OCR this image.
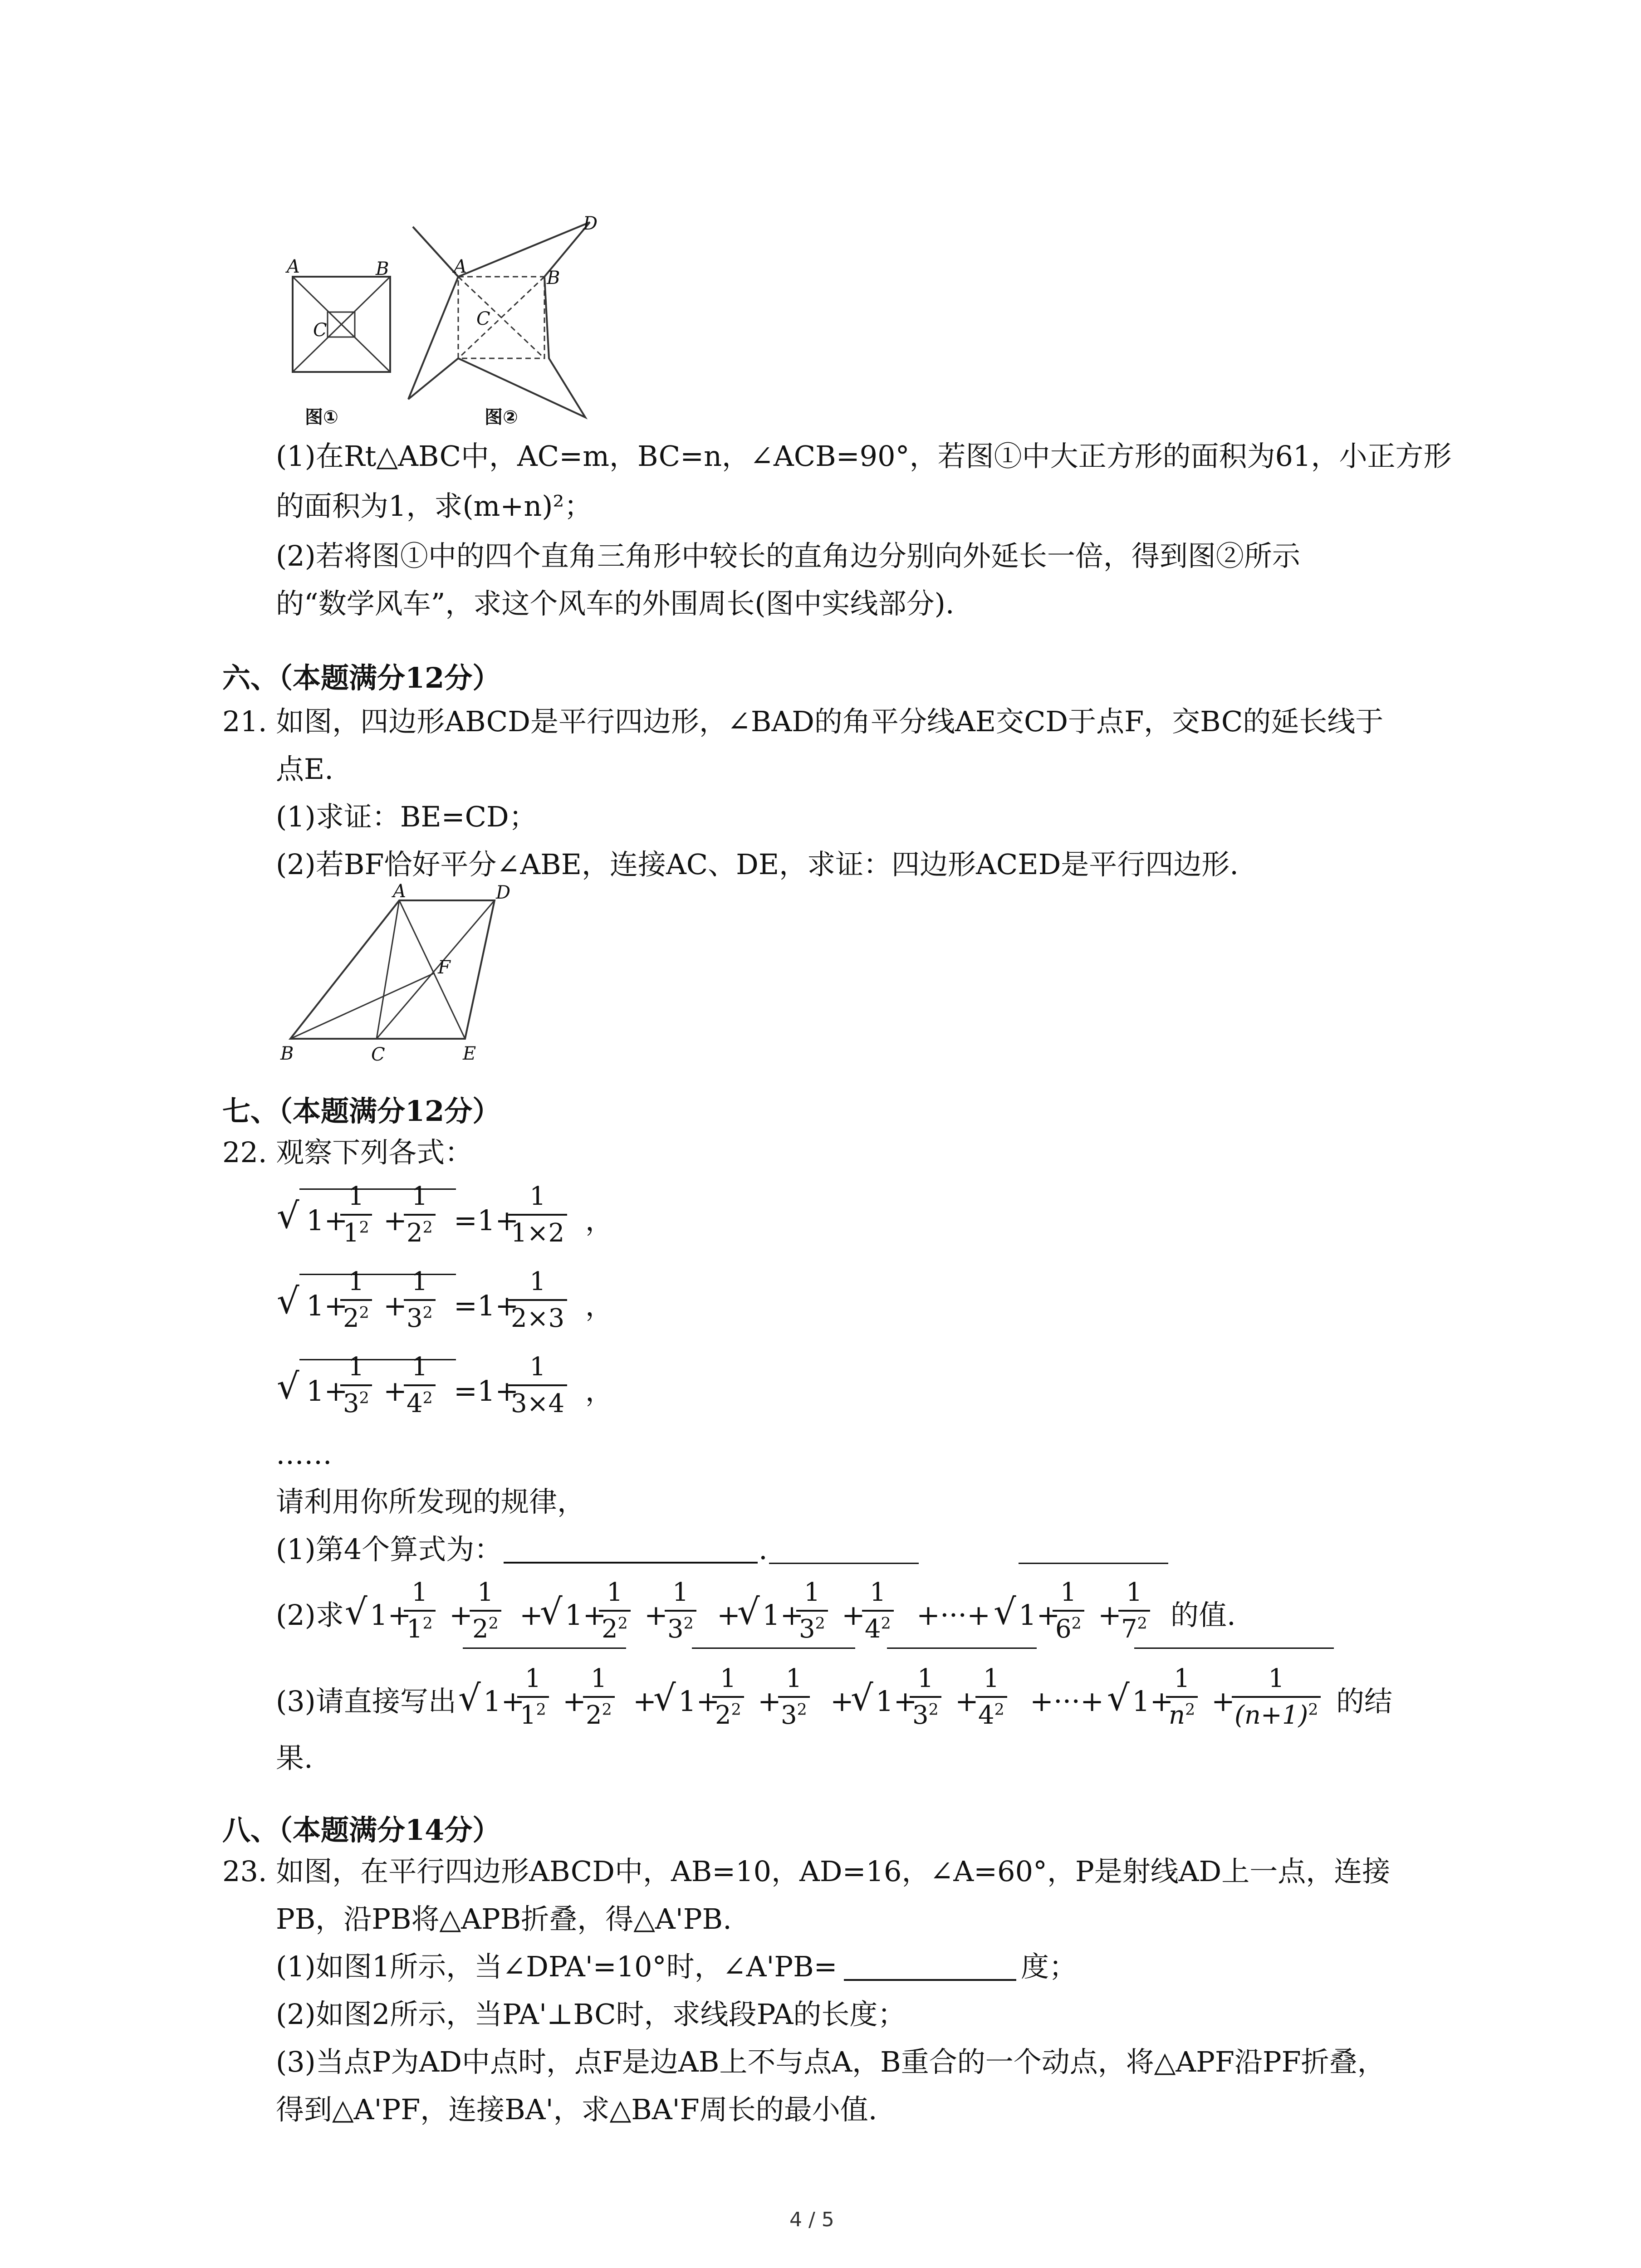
A	B
C
图①
A
B
C
D
图②
(1)在Rt△ABC中，AC=m，BC=n，∠ACB=90°，若图①中大正方形的面积为61，小正方形
的面积为1，求(m+n)²；
(2)若将图①中的四个直角三角形中较长的直角边分别向外延长一倍，得到图②所示
的“数学风车”，求这个风车的外围周长(图中实线部分).
六、（本题满分12分）
21. 如图，四边形ABCD是平行四边形，∠BAD的角平分线AE交CD于点F，交BC的延长线于
点E.
(1)求证：BE=CD；
(2)若BF恰好平分∠ABE，连接AC、DE，求证：四边形ACED是平行四边形.
A	D
F
B	C	E
七、（本题满分12分）
22. 观察下列各式：
√ 1+
1
$1^2$ +
1
$2^2 =1+$
1
1×2 ，
√ 1+
1
$2^2$ +
1
$3^2 =1+$
1
2×3 ，
√ 1+
1
$3^2$ +
1
$4^2 =1+$
1
3×4 ，
……
请利用你所发现的规律，
(1)第4个算式为：	.
(2)求 √ 1+
1
$1^2$ +
1
$2^2$ +
√ 1+
1
$2^2$ +
1
$3^2$ +
√ 1+
1
$3^2$ +
1
$4^2$ +···+ √ 1+
1
$6^2$ +
1
$7^2$ 的值.
(3)请直接写出 √ 1+
1
$1^2$ +
1
$2^2$ +
√ 1+
1
$2^2$ +
1
$3^2$ +
√ 1+
1
$3^2$ +
1
$4^2$ +···+ √ 1+
1
$n^2$ +
1
$(n+1)^2$ 的结
果.
八、（本题满分14分）
23. 如图，在平行四边形ABCD中，AB=10，AD=16，∠A=60°，P是射线AD上一点，连接
PB，沿PB将△APB折叠，得△A'PB.
(1)如图1所示，当∠DPA'=10°时，∠A'PB=	度；
(2)如图2所示，当PA'⊥BC时，求线段PA的长度；
(3)当点P为AD中点时，点F是边AB上不与点A，B重合的一个动点，将△APF沿PF折叠，
得到△A'PF，连接BA'，求△BA'F周长的最小值.
4 / 5
